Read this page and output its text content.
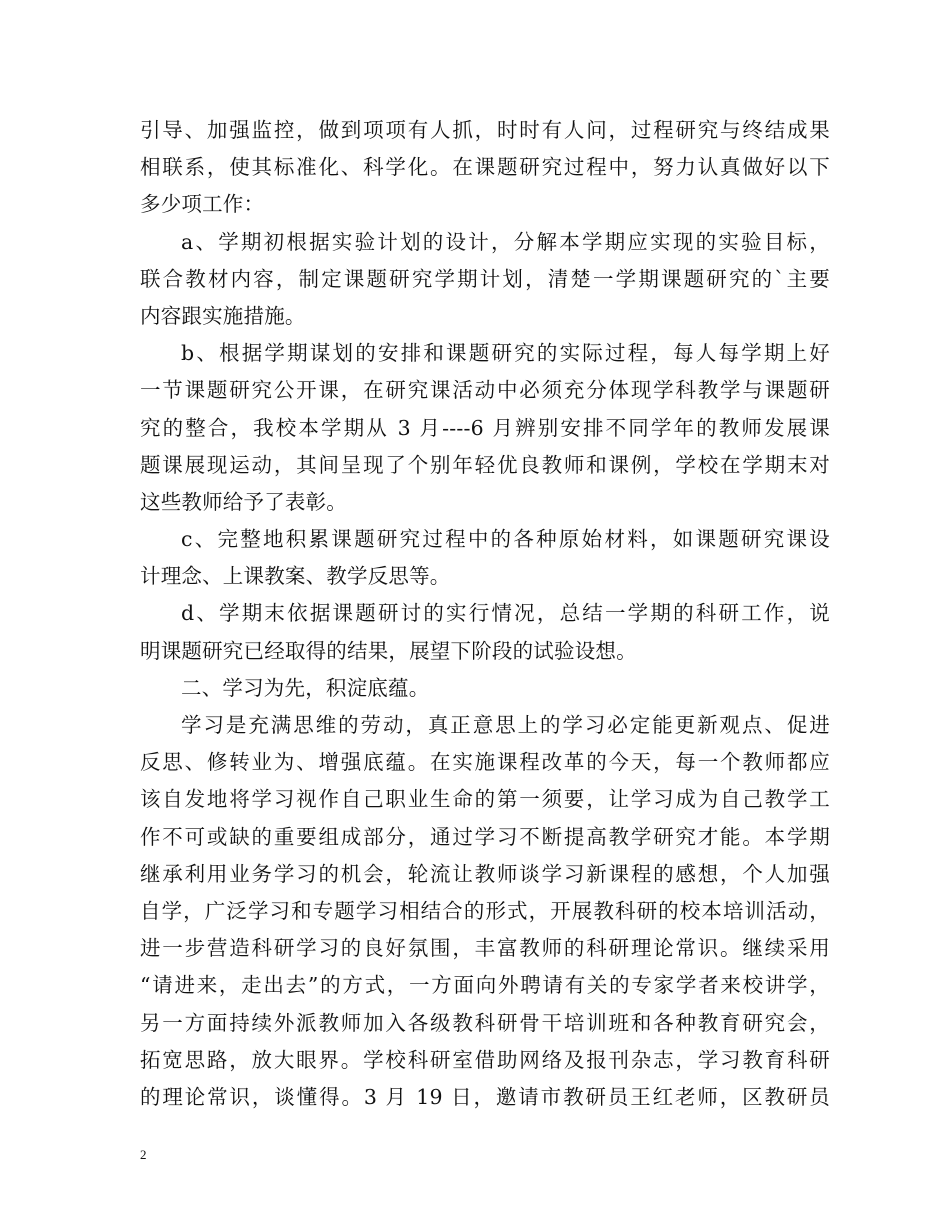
引导、加强监控，做到项项有人抓，时时有人问，过程研究与终结成果
相联系，使其标准化、科学化。在课题研究过程中，努力认真做好以下
多少项工作：
a、学期初根据实验计划的设计，分解本学期应实现的实验目标，
联合教材内容，制定课题研究学期计划，清楚一学期课题研究的`主要
内容跟实施措施。
b、根据学期谋划的安排和课题研究的实际过程，每人每学期上好
一节课题研究公开课，在研究课活动中必须充分体现学科教学与课题研
究的整合，我校本学期从 3 月----6 月辨别安排不同学年的教师发展课
题课展现运动，其间呈现了个别年轻优良教师和课例，学校在学期末对
这些教师给予了表彰。
c、完整地积累课题研究过程中的各种原始材料，如课题研究课设
计理念、上课教案、教学反思等。
d、学期末依据课题研讨的实行情况，总结一学期的科研工作，说
明课题研究已经取得的结果，展望下阶段的试验设想。
二、学习为先，积淀底蕴。
学习是充满思维的劳动，真正意思上的学习必定能更新观点、促进
反思、修转业为、增强底蕴。在实施课程改革的今天，每一个教师都应
该自发地将学习视作自己职业生命的第一须要，让学习成为自己教学工
作不可或缺的重要组成部分，通过学习不断提高教学研究才能。本学期
继承利用业务学习的机会，轮流让教师谈学习新课程的感想，个人加强
自学，广泛学习和专题学习相结合的形式，开展教科研的校本培训活动，
进一步营造科研学习的良好氛围，丰富教师的科研理论常识。继续采用
“请进来，走出去”的方式，一方面向外聘请有关的专家学者来校讲学，
另一方面持续外派教师加入各级教科研骨干培训班和各种教育研究会，
拓宽思路，放大眼界。学校科研室借助网络及报刊杂志，学习教育科研
的理论常识，谈懂得。3 月 19 日，邀请市教研员王红老师，区教研员
2
